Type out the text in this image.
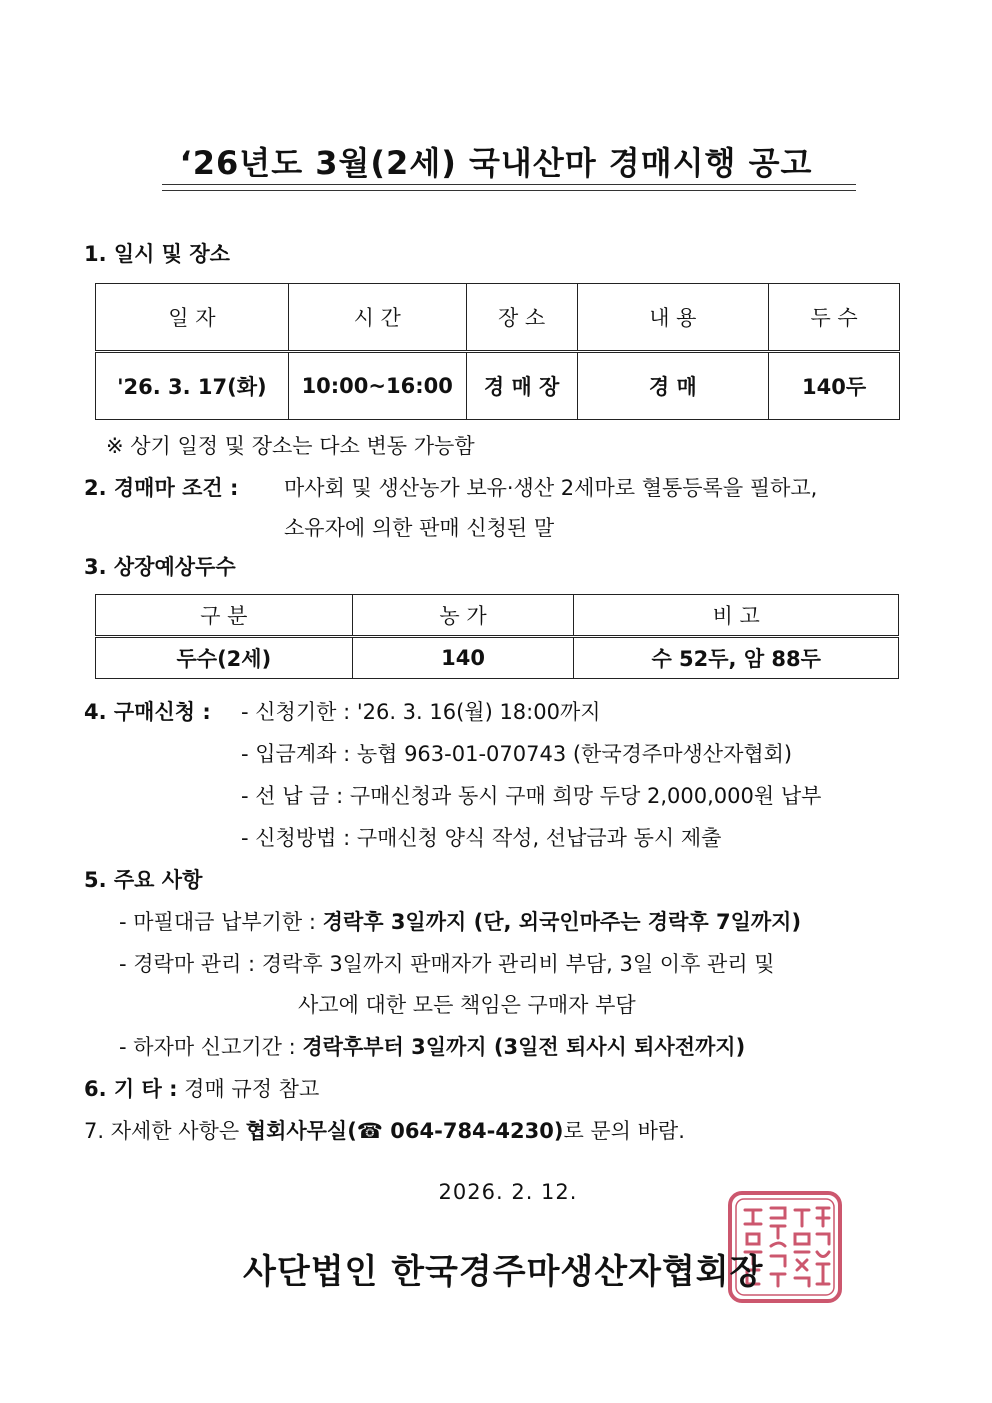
‘26년도 3월(2세) 국내산마 경매시행 공고
1. 일시 및 장소
일 자	시 간	장 소	내 용	두 수
'26. 3. 17(화)	10:00~16:00	경 매 장	경 매	140두
※ 상기 일정 및 장소는 다소 변동 가능함
2. 경매마 조건 : 마사회 및 생산농가 보유·생산 2세마로 혈통등록을 필하고,
소유자에 의한 판매 신청된 말
3. 상장예상두수
구 분	농 가	비 고
두수(2세)	140	수 52두, 암 88두
4. 구매신청 : - 신청기한 : '26. 3. 16(월) 18:00까지
- 입금계좌 : 농협 963-01-070743 (한국경주마생산자협회)
- 선 납 금 : 구매신청과 동시 구매 희망 두당 2,000,000원 납부
- 신청방법 : 구매신청 양식 작성, 선납금과 동시 제출
5. 주요 사항
- 마필대금 납부기한 : 경락후 3일까지 (단, 외국인마주는 경락후 7일까지)
- 경락마 관리 : 경락후 3일까지 판매자가 관리비 부담, 3일 이후 관리 및
사고에 대한 모든 책임은 구매자 부담
- 하자마 신고기간 : 경락후부터 3일까지 (3일전 퇴사시 퇴사전까지)
6. 기 타 : 경매 규정 참고
7. 자세한 사항은 협회사무실(☎ 064-784-4230)로 문의 바람.
2026. 2. 12.
사단법인 한국경주마생산자협회장
